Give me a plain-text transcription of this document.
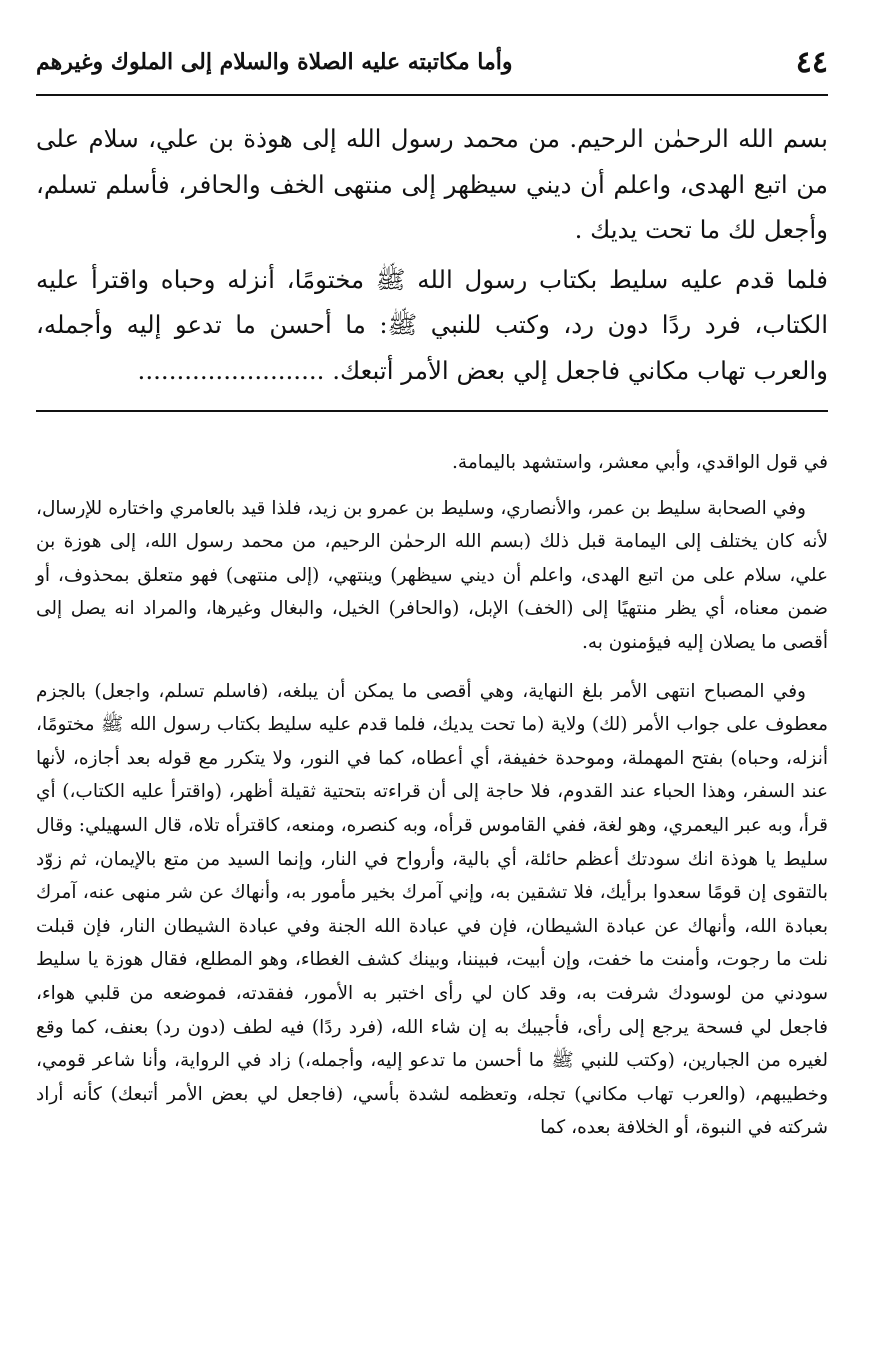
٤٤
وأما مكاتبته عليه الصلاة والسلام إلى الملوك وغيرهم

بسم الله الرحمٰن الرحيم. من محمد رسول الله إلى هوذة بن علي، سلام على من اتبع الهدى، واعلم أن ديني سيظهر إلى منتهى الخف والحافر، فأسلم تسلم، وأجعل لك ما تحت يديك .

فلما قدم عليه سليط بكتاب رسول الله ﷺ مختومًا، أنزله وحباه واقترأ عليه الكتاب، فرد ردًا دون رد، وكتب للنبي ﷺ: ما أحسن ما تدعو إليه وأجمله، والعرب تهاب مكاني فاجعل إلي بعض الأمر أتبعك. ........................

في قول الواقدي، وأبي معشر، واستشهد باليمامة.

وفي الصحابة سليط بن عمر، والأنصاري، وسليط بن عمرو بن زيد، فلذا قيد بالعامري واختاره للإرسال، لأنه كان يختلف إلى اليمامة قبل ذلك (بسم الله الرحمٰن الرحيم، من محمد رسول الله، إلى هوزة بن علي، سلام على من اتبع الهدى، واعلم أن ديني سيظهر) وينتهي، (إلى منتهى) فهو متعلق بمحذوف، أو ضمن معناه، أي يظر منتهيًا إلى (الخف) الإبل، (والحافر) الخيل، والبغال وغيرها، والمراد انه يصل إلى أقصى ما يصلان إليه فيؤمنون به.

وفي المصباح انتهى الأمر بلغ النهاية، وهي أقصى ما يمكن أن يبلغه، (فاسلم تسلم، واجعل) بالجزم معطوف على جواب الأمر (لك) ولاية (ما تحت يديك، فلما قدم عليه سليط بكتاب رسول الله ﷺ مختومًا، أنزله، وحباه) بفتح المهملة، وموحدة خفيفة، أي أعطاه، كما في النور، ولا يتكرر مع قوله بعد أجازه، لأنها عند السفر، وهذا الحباء عند القدوم، فلا حاجة إلى أن قراءته بتحتية ثقيلة أظهر، (واقترأ عليه الكتاب،) أي قرأ، وبه عبر اليعمري، وهو لغة، ففي القاموس قرأه، وبه كنصره، ومنعه، كاقترأه تلاه، قال السهيلي: وقال سليط يا هوذة انك سودتك أعظم حائلة، أي بالية، وأرواح في النار، وإنما السيد من متع بالإيمان، ثم زوّد بالتقوى إن قومًا سعدوا برأيك، فلا تشقين به، وإني آمرك بخير مأمور به، وأنهاك عن شر منهى عنه، آمرك بعبادة الله، وأنهاك عن عبادة الشيطان، فإن في عبادة الله الجنة وفي عبادة الشيطان النار، فإن قبلت نلت ما رجوت، وأمنت ما خفت، وإن أبيت، فبيننا، وبينك كشف الغطاء، وهو المطلع، فقال هوزة يا سليط سودني من لوسودك شرفت به، وقد كان لي رأى اختبر به الأمور، ففقدته، فموضعه من قلبي هواء، فاجعل لي فسحة يرجع إلى رأى، فأجيبك به إن شاء الله، (فرد ردًا) فيه لطف (دون رد) بعنف، كما وقع لغيره من الجبارين، (وكتب للنبي ﷺ ما أحسن ما تدعو إليه، وأجمله،) زاد في الرواية، وأنا شاعر قومي، وخطيبهم، (والعرب تهاب مكاني) تجله، وتعظمه لشدة بأسي، (فاجعل لي بعض الأمر أتبعك) كأنه أراد شركته في النبوة، أو الخلافة بعده، كما
